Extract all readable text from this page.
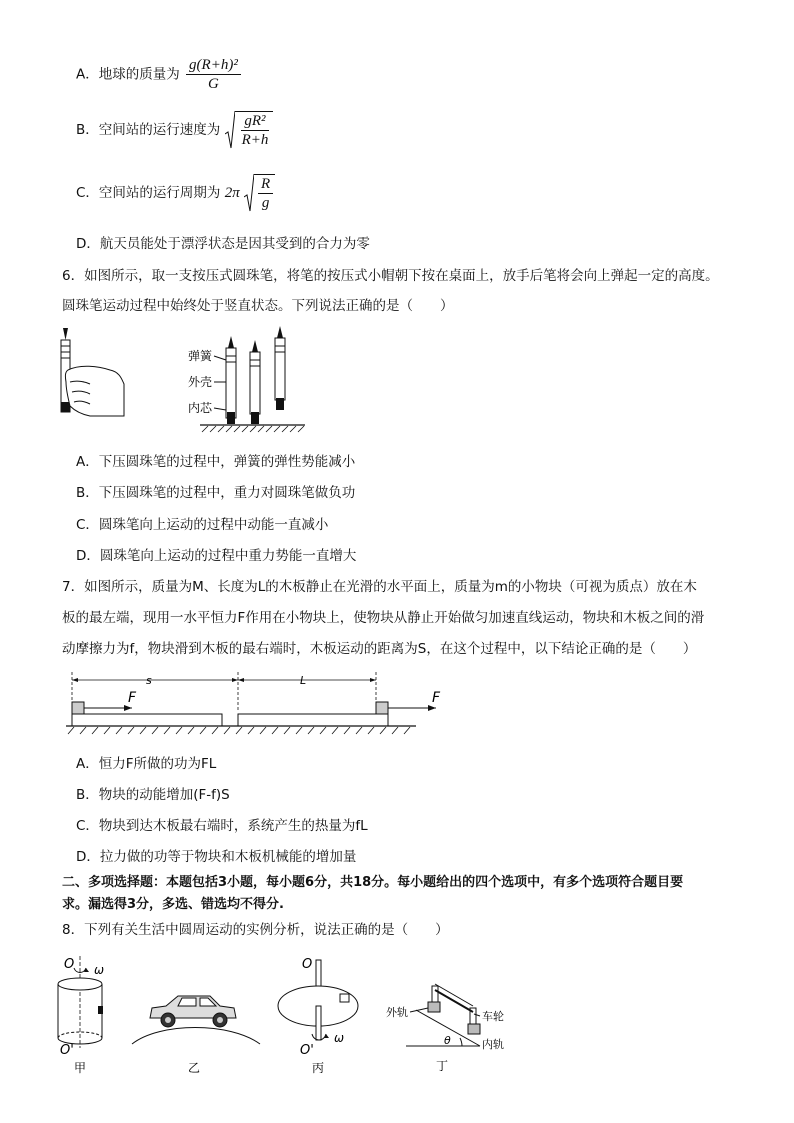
A．地球的质量为 $\frac{\text{g(R+h)²}}{G}$
B．空间站的运行速度为 $\frac{\text{gR²}}{R+h}$
C．空间站的运行周期为 $2\pi \frac{R}{g}$
D．航天员能处于漂浮状态是因其受到的合力为零
6．如图所示，取一支按压式圆珠笔，将笔的按压式小帽朝下按在桌面上，放手后笔将会向上弹起一定的高度。
圆珠笔运动过程中始终处于竖直状态。下列说法正确的是（　　）
弹簧
外壳
内芯
A．下压圆珠笔的过程中，弹簧的弹性势能减小
B．下压圆珠笔的过程中，重力对圆珠笔做负功
C．圆珠笔向上运动的过程中动能一直减小
D．圆珠笔向上运动的过程中重力势能一直增大
7．如图所示，质量为M、长度为L的木板静止在光滑的水平面上，质量为m的小物块（可视为质点）放在木
板的最左端，现用一水平恒力F作用在小物块上，使物块从静止开始做匀加速直线运动，物块和木板之间的滑
动摩擦力为f，物块滑到木板的最右端时，木板运动的距离为S，在这个过程中，以下结论正确的是（　　）
s	L
F	F
A．恒力F所做的功为FL
B．物块的动能增加(F-f)S
C．物块到达木板最右端时，系统产生的热量为fL
D．拉力做的功等于物块和木板机械能的增加量
二、多项选择题：本题包括3小题，每小题6分，共18分。每小题给出的四个选项中，有多个选项符合题目要
求。漏选得3分，多选、错选均不得分.
8．下列有关生活中圆周运动的实例分析，说法正确的是（　　）
O ω
O'
甲	乙
O
ω
O'
丙
θ
外轨	车轮
内轨
丁
